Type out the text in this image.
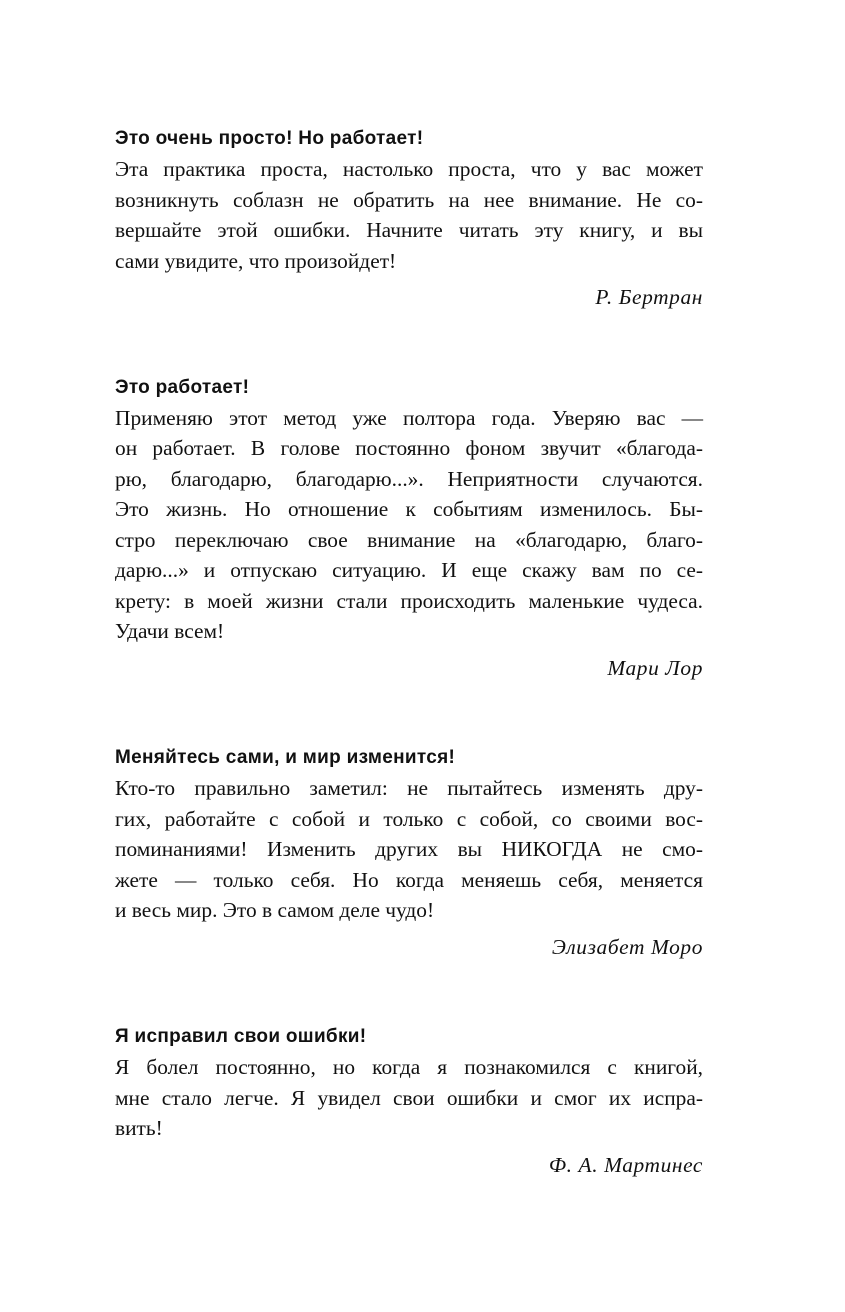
Это очень просто! Но работает!

Эта практика проста, настолько проста, что у вас может
возникнуть соблазн не обратить на нее внимание. Не со-
вершайте этой ошибки. Начните читать эту книгу, и вы
сами увидите, что произойдет!

Р. Бертран

Это работает!

Применяю этот метод уже полтора года. Уверяю вас —
он работает. В голове постоянно фоном звучит «благода-
рю, благодарю, благодарю...». Неприятности случаются.
Это жизнь. Но отношение к событиям изменилось. Бы-
стро переключаю свое внимание на «благодарю, благо-
дарю...» и отпускаю ситуацию. И еще скажу вам по се-
крету: в моей жизни стали происходить маленькие чудеса.
Удачи всем!

Мари Лор

Меняйтесь сами, и мир изменится!

Кто-то правильно заметил: не пытайтесь изменять дру-
гих, работайте с собой и только с собой, со своими вос-
поминаниями! Изменить других вы НИКОГДА не смо-
жете — только себя. Но когда меняешь себя, меняется
и весь мир. Это в самом деле чудо!

Элизабет Моро

Я исправил свои ошибки!

Я болел постоянно, но когда я познакомился с книгой,
мне стало легче. Я увидел свои ошибки и смог их испра-
вить!

Ф. А. Мартинес
